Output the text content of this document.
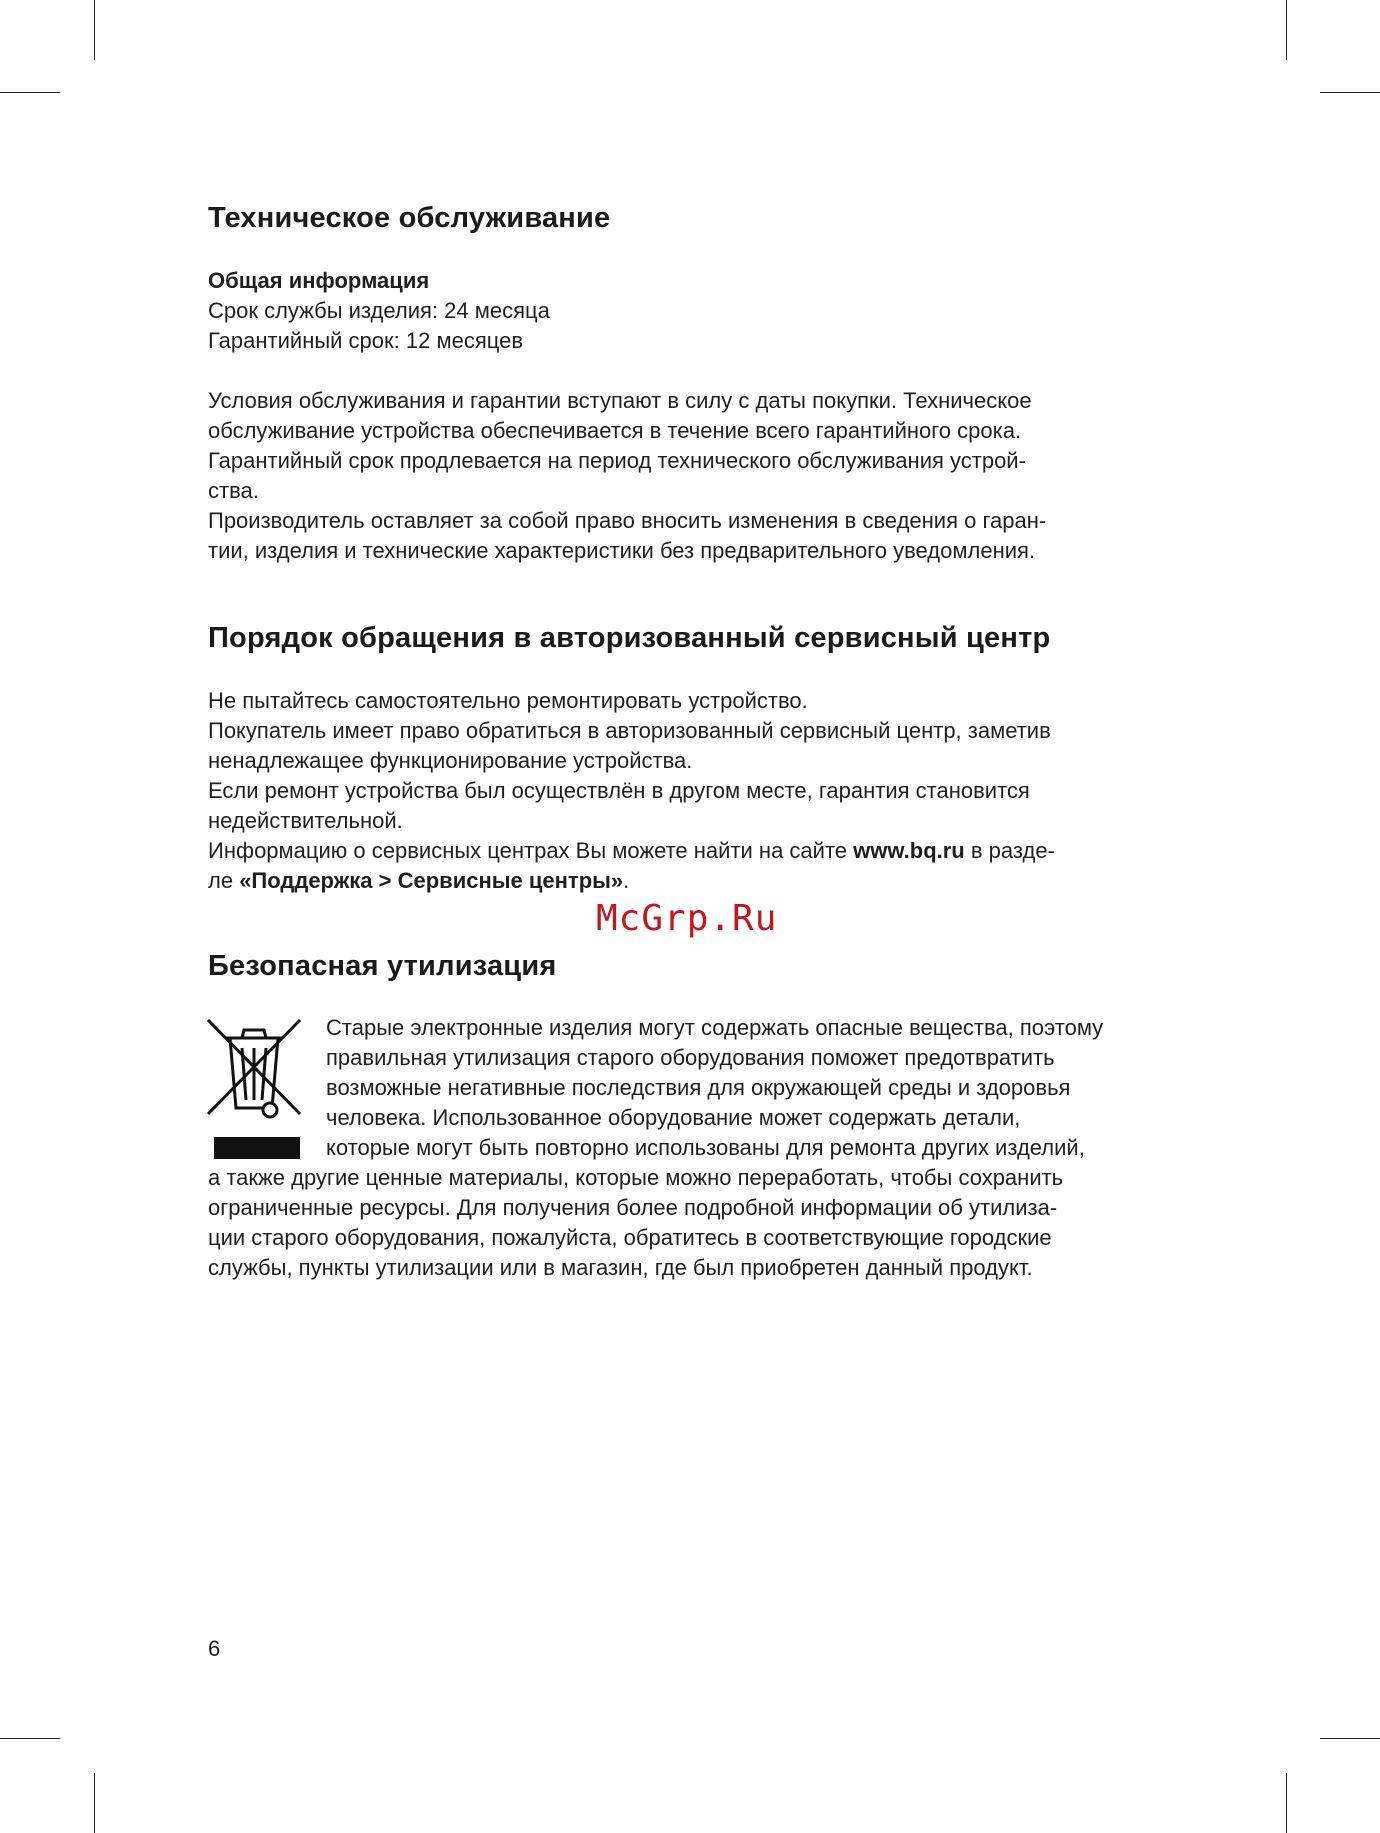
Техническое обслуживание
Общая информация
Срок службы изделия: 24 месяца
Гарантийный срок: 12 месяцев
Условия обслуживания и гарантии вступают в силу с даты покупки. Техническое
обслуживание устройства обеспечивается в течение всего гарантийного срока.
Гарантийный срок продлевается на период технического обслуживания устрой-
ства.
Производитель оставляет за собой право вносить изменения в сведения о гаран-
тии, изделия и технические характеристики без предварительного уведомления.
Порядок обращения в авторизованный сервисный центр
Не пытайтесь самостоятельно ремонтировать устройство.
Покупатель имеет право обратиться в авторизованный сервисный центр, заметив
ненадлежащее функционирование устройства.
Если ремонт устройства был осуществлён в другом месте, гарантия становится
недействительной.
Информацию о сервисных центрах Вы можете найти на сайте www.bq.ru в разде-
ле «Поддержка > Сервисные центры».
McGrp.Ru
Безопасная утилизация
Старые электронные изделия могут содержать опасные вещества, поэтому
правильная утилизация старого оборудования поможет предотвратить
возможные негативные последствия для окружающей среды и здоровья
человека. Использованное оборудование может содержать детали,
которые могут быть повторно использованы для ремонта других изделий,
а также другие ценные материалы, которые можно переработать, чтобы сохранить
ограниченные ресурсы. Для получения более подробной информации об утилиза-
ции старого оборудования, пожалуйста, обратитесь в соответствующие городские
службы, пункты утилизации или в магазин, где был приобретен данный продукт.
6
